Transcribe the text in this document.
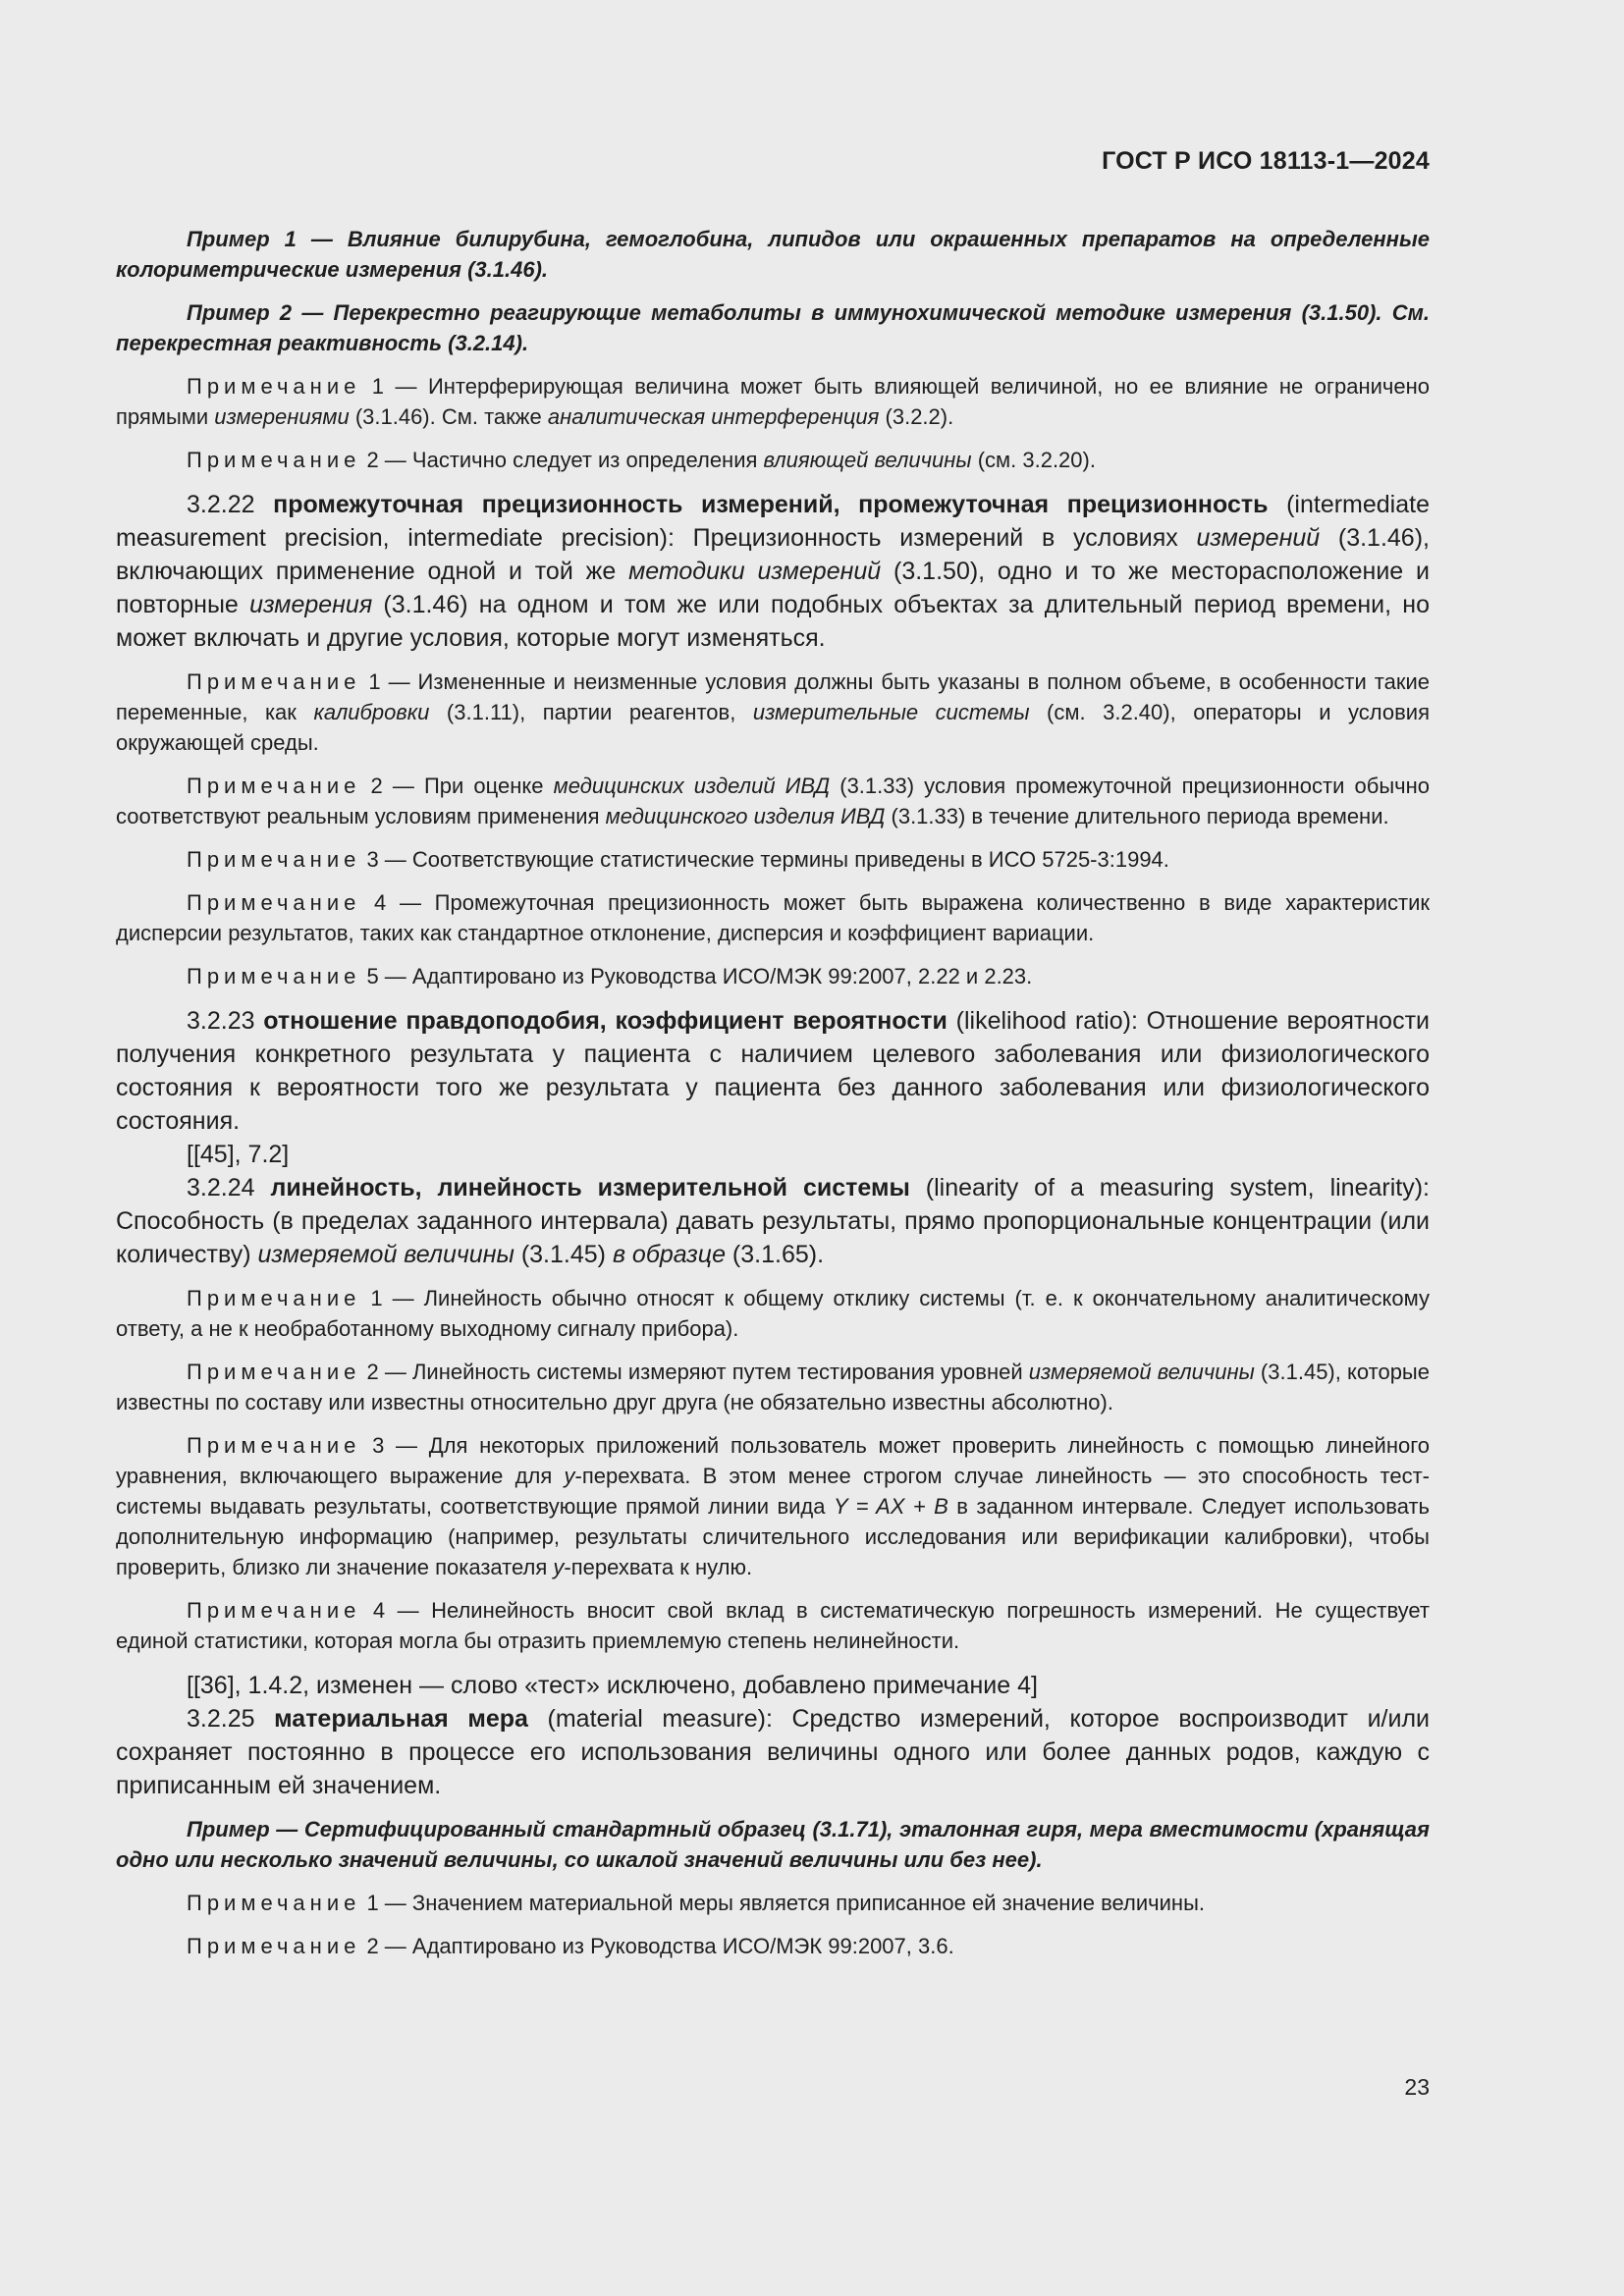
ГОСТ Р ИСО 18113-1—2024

Пример 1 — Влияние билирубина, гемоглобина, липидов или окрашенных препаратов на определенные колориметрические измерения (3.1.46).

Пример 2 — Перекрестно реагирующие метаболиты в иммунохимической методике измерения (3.1.50). См. перекрестная реактивность (3.2.14).

Примечание 1 — Интерферирующая величина может быть влияющей величиной, но ее влияние не ограничено прямыми измерениями (3.1.46). См. также аналитическая интерференция (3.2.2).

Примечание 2 — Частично следует из определения влияющей величины (см. 3.2.20).

3.2.22 промежуточная прецизионность измерений, промежуточная прецизионность (intermediate measurement precision, intermediate precision): Прецизионность измерений в условиях измерений (3.1.46), включающих применение одной и той же методики измерений (3.1.50), одно и то же месторасположение и повторные измерения (3.1.46) на одном и том же или подобных объектах за длительный период времени, но может включать и другие условия, которые могут изменяться.

Примечание 1 — Измененные и неизменные условия должны быть указаны в полном объеме, в особенности такие переменные, как калибровки (3.1.11), партии реагентов, измерительные системы (см. 3.2.40), операторы и условия окружающей среды.

Примечание 2 — При оценке медицинских изделий ИВД (3.1.33) условия промежуточной прецизионности обычно соответствуют реальным условиям применения медицинского изделия ИВД (3.1.33) в течение длительного периода времени.

Примечание 3 — Соответствующие статистические термины приведены в ИСО 5725-3:1994.

Примечание 4 — Промежуточная прецизионность может быть выражена количественно в виде характеристик дисперсии результатов, таких как стандартное отклонение, дисперсия и коэффициент вариации.

Примечание 5 — Адаптировано из Руководства ИСО/МЭК 99:2007, 2.22 и 2.23.

3.2.23 отношение правдоподобия, коэффициент вероятности (likelihood ratio): Отношение вероятности получения конкретного результата у пациента с наличием целевого заболевания или физиологического состояния к вероятности того же результата у пациента без данного заболевания или физиологического состояния.

[[45], 7.2]

3.2.24 линейность, линейность измерительной системы (linearity of a measuring system, linearity): Способность (в пределах заданного интервала) давать результаты, прямо пропорциональные концентрации (или количеству) измеряемой величины (3.1.45) в образце (3.1.65).

Примечание 1 — Линейность обычно относят к общему отклику системы (т. е. к окончательному аналитическому ответу, а не к необработанному выходному сигналу прибора).

Примечание 2 — Линейность системы измеряют путем тестирования уровней измеряемой величины (3.1.45), которые известны по составу или известны относительно друг друга (не обязательно известны абсолютно).

Примечание 3 — Для некоторых приложений пользователь может проверить линейность с помощью линейного уравнения, включающего выражение для y-перехвата. В этом менее строгом случае линейность — это способность тест-системы выдавать результаты, соответствующие прямой линии вида Y = AX + B в заданном интервале. Следует использовать дополнительную информацию (например, результаты сличительного исследования или верификации калибровки), чтобы проверить, близко ли значение показателя y-перехвата к нулю.

Примечание 4 — Нелинейность вносит свой вклад в систематическую погрешность измерений. Не существует единой статистики, которая могла бы отразить приемлемую степень нелинейности.

[[36], 1.4.2, изменен — слово «тест» исключено, добавлено примечание 4]

3.2.25 материальная мера (material measure): Средство измерений, которое воспроизводит и/или сохраняет постоянно в процессе его использования величины одного или более данных родов, каждую с приписанным ей значением.

Пример — Сертифицированный стандартный образец (3.1.71), эталонная гиря, мера вместимости (хранящая одно или несколько значений величины, со шкалой значений величины или без нее).

Примечание 1 — Значением материальной меры является приписанное ей значение величины.

Примечание 2 — Адаптировано из Руководства ИСО/МЭК 99:2007, 3.6.

23
